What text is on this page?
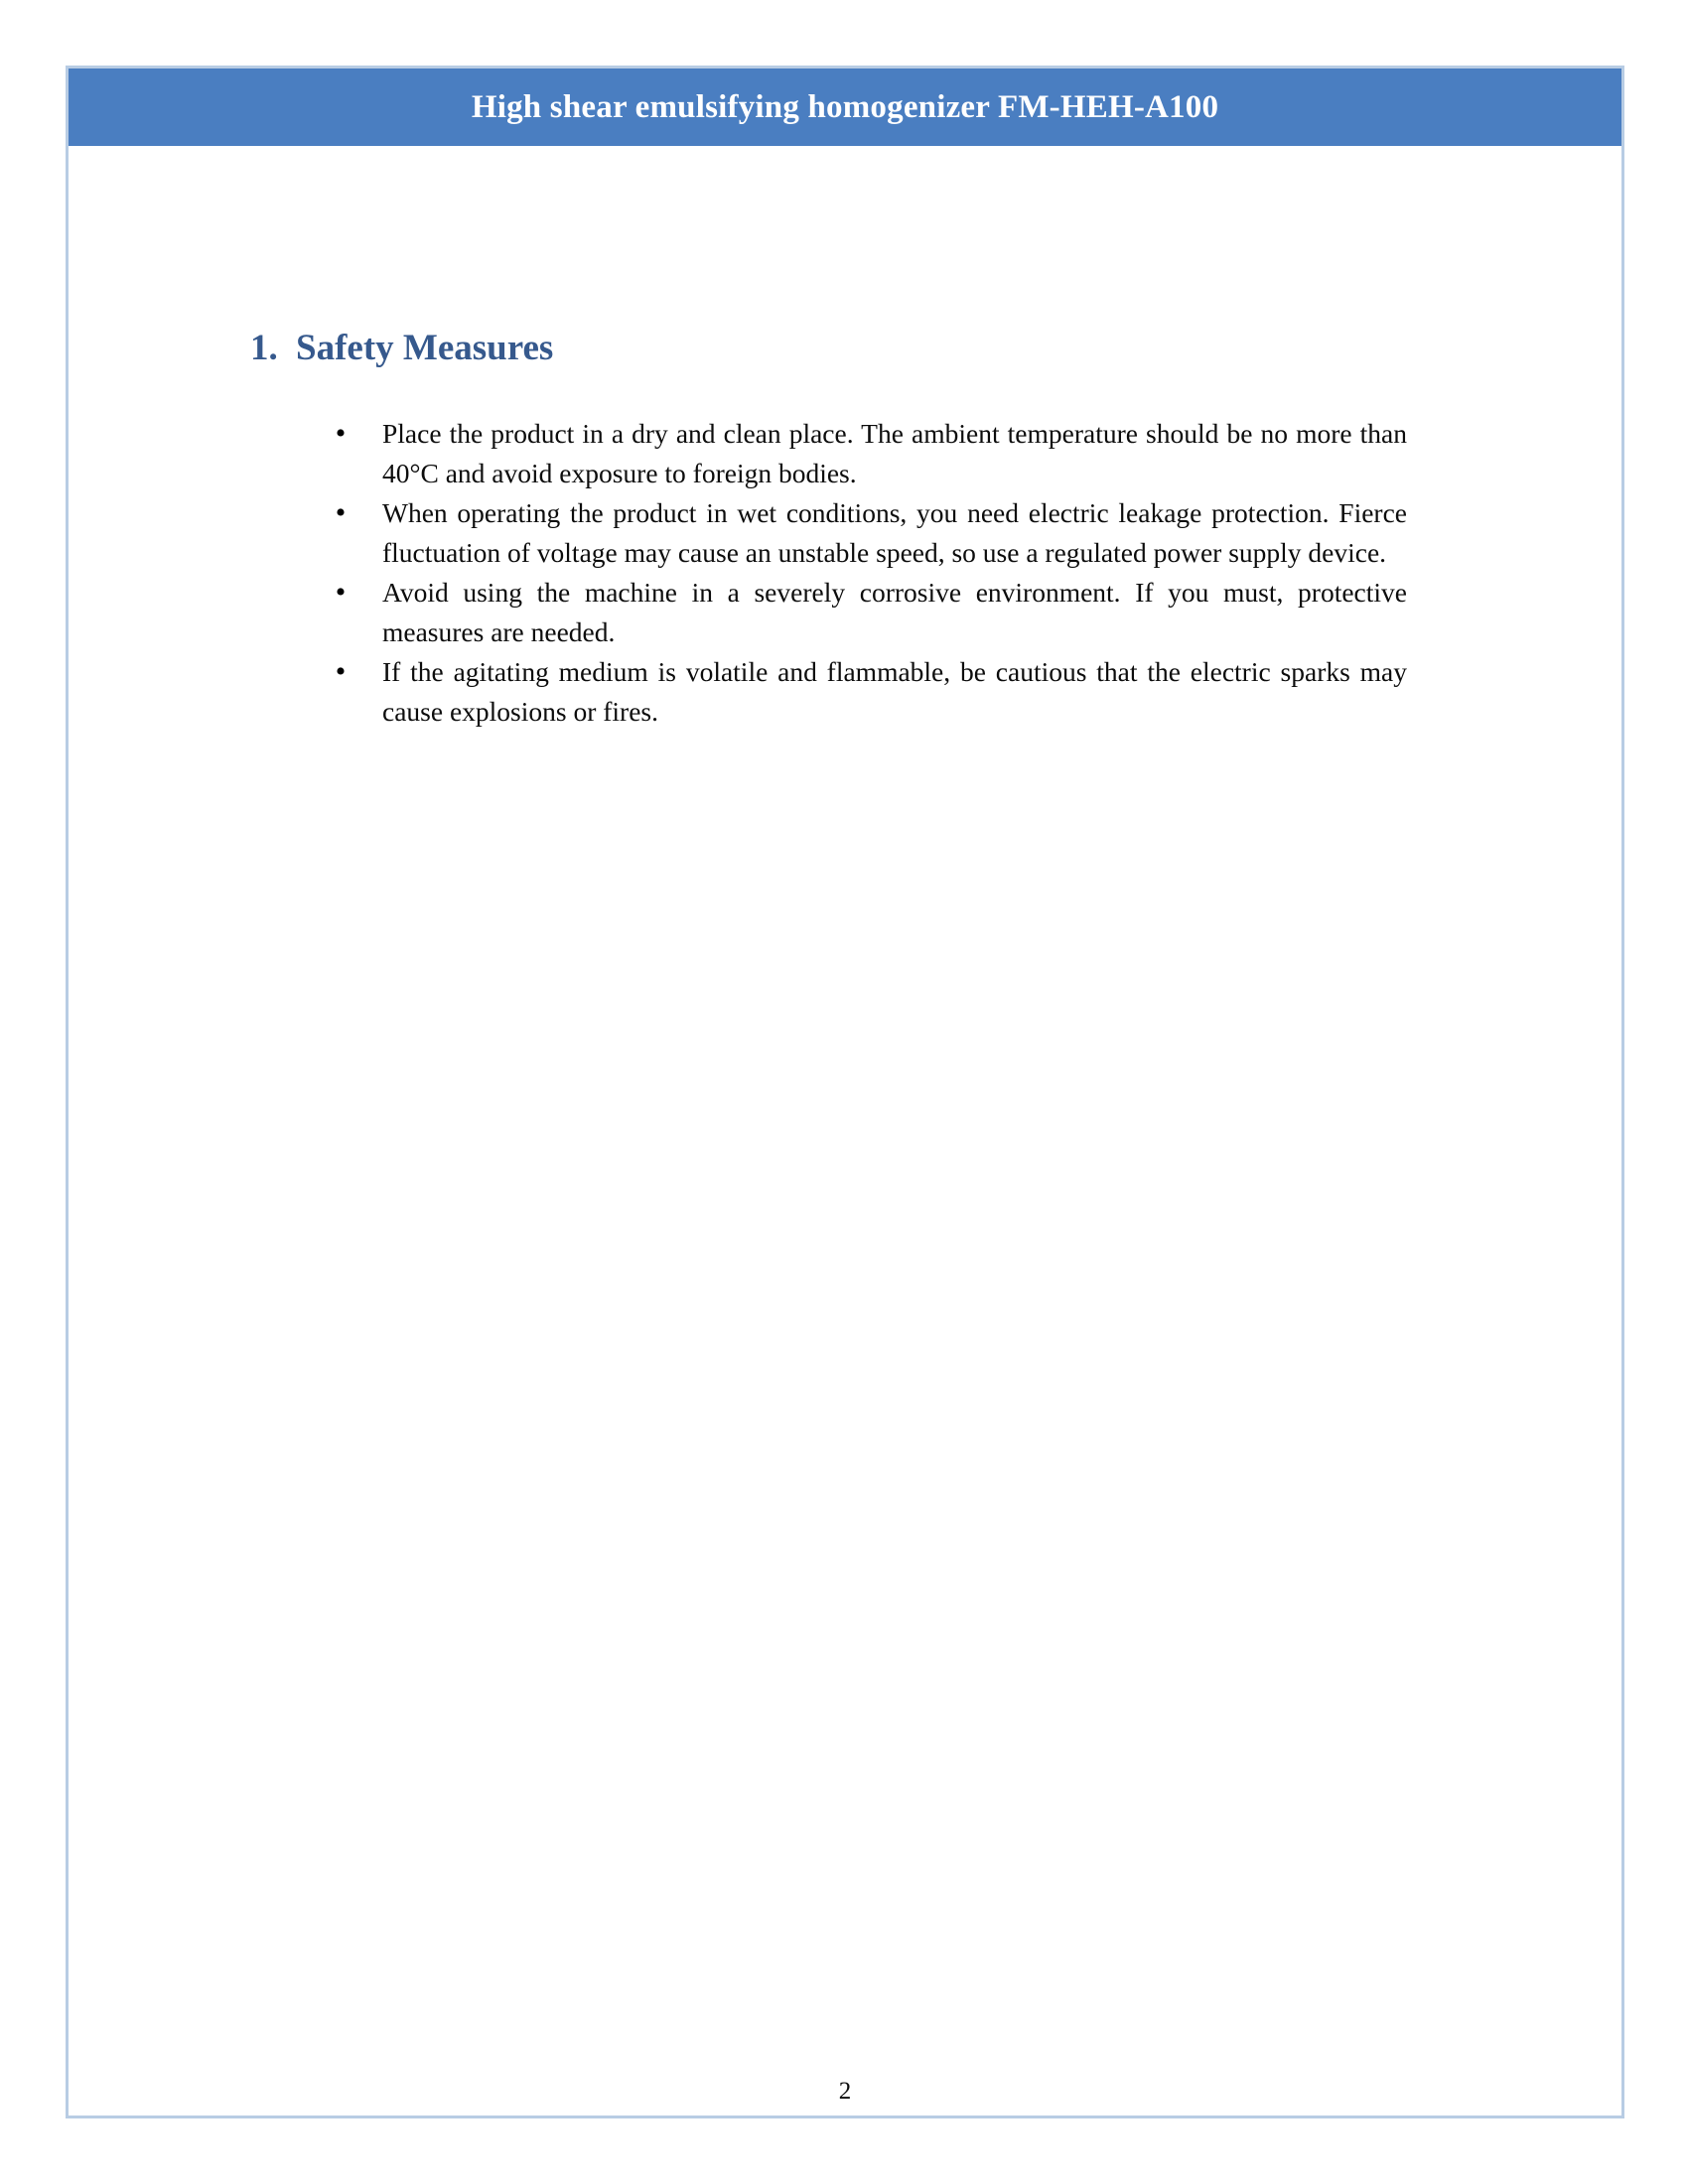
High shear emulsifying homogenizer FM-HEH-A100
1. Safety Measures
• Place the product in a dry and clean place. The ambient temperature should be no more than 40°C and avoid exposure to foreign bodies.
• When operating the product in wet conditions, you need electric leakage protection. Fierce fluctuation of voltage may cause an unstable speed, so use a regulated power supply device.
• Avoid using the machine in a severely corrosive environment. If you must, protective measures are needed.
• If the agitating medium is volatile and flammable, be cautious that the electric sparks may cause explosions or fires.
2
